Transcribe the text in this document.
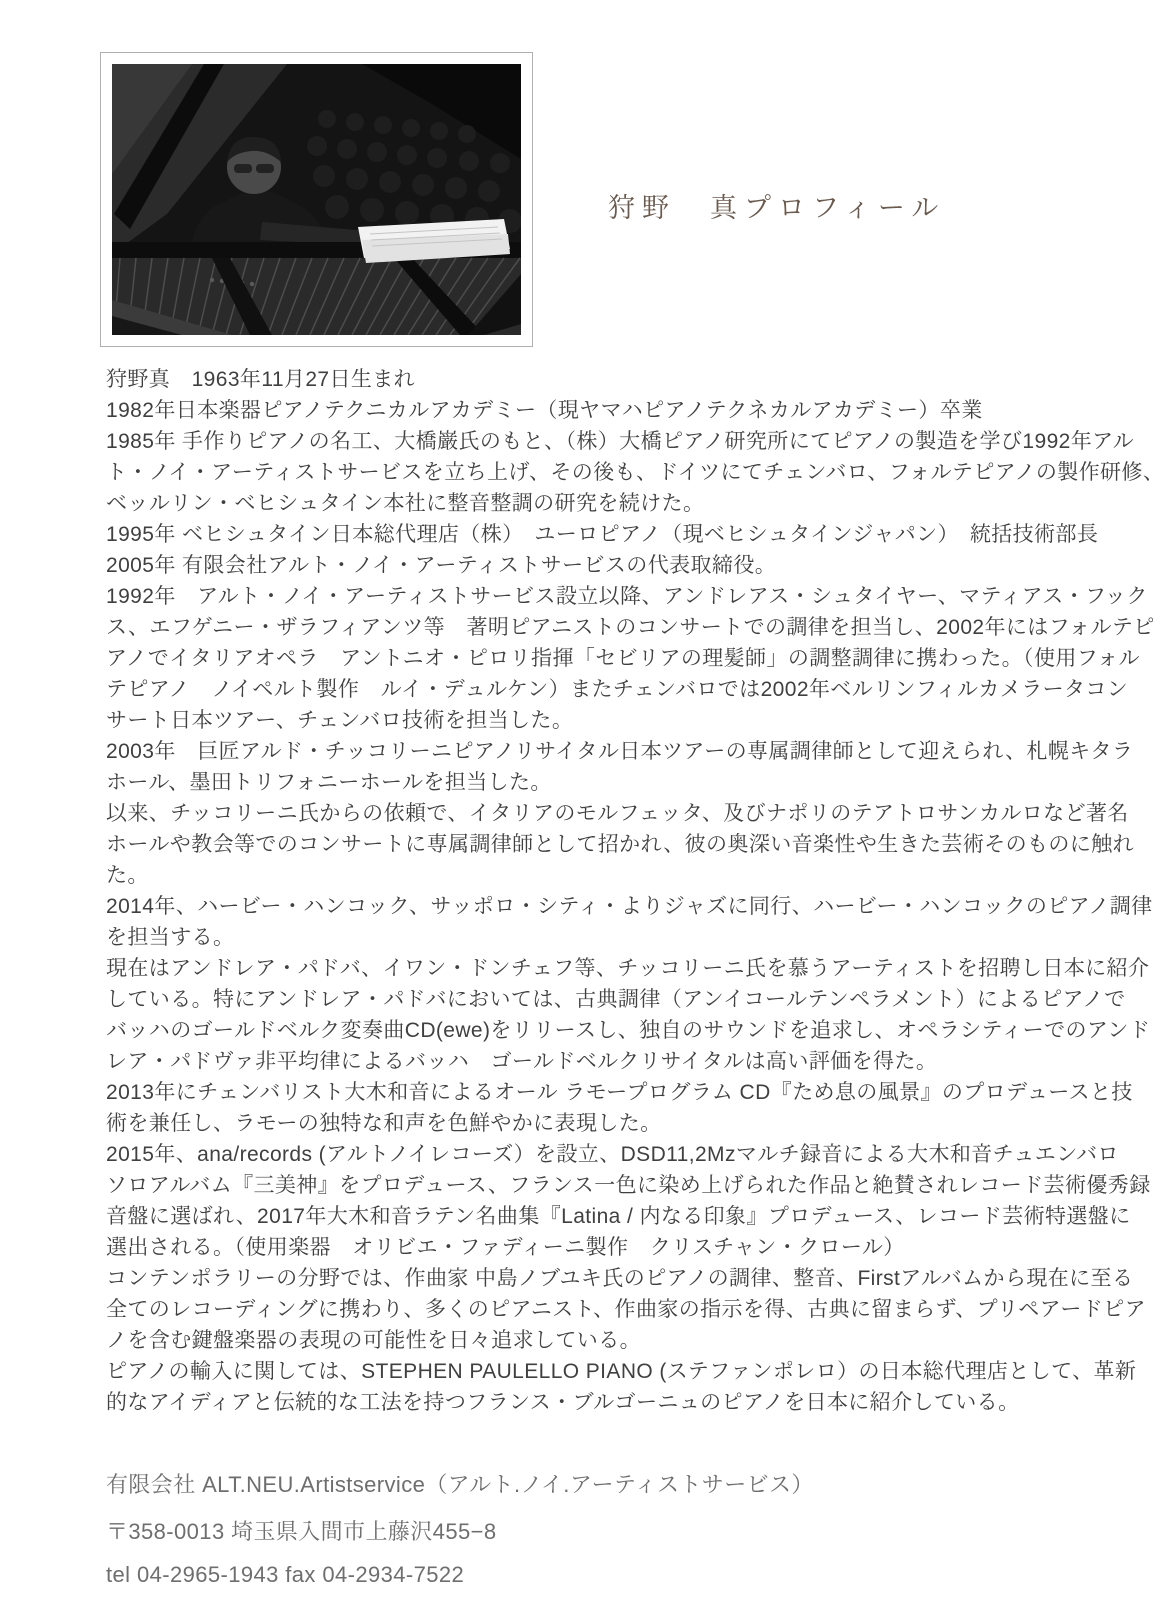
狩野　真プロフィール
狩野真　1963年11月27日生まれ
1982年日本楽器ピアノテクニカルアカデミー（現ヤマハピアノテクネカルアカデミー）卒業
1985年 手作りピアノの名工、大橋巌氏のもと、（株）大橋ピアノ研究所にてピアノの製造を学び1992年アル
ト・ノイ・アーティストサービスを立ち上げ、その後も、ドイツにてチェンバロ、フォルテピアノの製作研修、
ベッルリン・ベヒシュタイン本社に整音整調の研究を続けた。
1995年 ベヒシュタイン日本総代理店（株）　ユーロピアノ（現ベヒシュタインジャパン）　統括技術部長
2005年 有限会社アルト・ノイ・アーティストサービスの代表取締役。
1992年　アルト・ノイ・アーティストサービス設立以降、アンドレアス・シュタイヤー、マティアス・フック
ス、エフゲニー・ザラフィアンツ等　著明ピアニストのコンサートでの調律を担当し、2002年にはフォルテピ
アノでイタリアオペラ　アントニオ・ピロリ指揮「セビリアの理髪師」の調整調律に携わった。（使用フォル
テピアノ　ノイペルト製作　ルイ・デュルケン）またチェンバロでは2002年ベルリンフィルカメラータコン
サート日本ツアー、チェンバロ技術を担当した。
2003年　巨匠アルド・チッコリーニピアノリサイタル日本ツアーの専属調律師として迎えられ、札幌キタラ
ホール、墨田トリフォニーホールを担当した。
以来、チッコリーニ氏からの依頼で、イタリアのモルフェッタ、及びナポリのテアトロサンカルロなど著名
ホールや教会等でのコンサートに専属調律師として招かれ、彼の奥深い音楽性や生きた芸術そのものに触れ
た。
2014年、ハービー・ハンコック、サッポロ・シティ・よりジャズに同行、ハービー・ハンコックのピアノ調律
を担当する。
現在はアンドレア・パドバ、イワン・ドンチェフ等、チッコリーニ氏を慕うアーティストを招聘し日本に紹介
している。特にアンドレア・パドバにおいては、古典調律（アンイコールテンペラメント）によるピアノで
バッハのゴールドベルク変奏曲CD(ewe)をリリースし、独自のサウンドを追求し、オペラシティーでのアンド
レア・パドヴァ非平均律によるバッハ　ゴールドベルクリサイタルは高い評価を得た。
2013年にチェンバリスト大木和音によるオール ラモープログラム CD『ため息の風景』のプロデュースと技
術を兼任し、ラモーの独特な和声を色鮮やかに表現した。
2015年、ana/records (アルトノイレコーズ）を設立、DSD11,2Mzマルチ録音による大木和音チュエンバロ
ソロアルバム『三美神』をプロデュース、フランス一色に染め上げられた作品と絶賛されレコード芸術優秀録
音盤に選ばれ、2017年大木和音ラテン名曲集『Latina / 内なる印象』プロデュース、レコード芸術特選盤に
選出される。（使用楽器　オリビエ・ファディーニ製作　クリスチャン・クロール）
コンテンポラリーの分野では、作曲家 中島ノブユキ氏のピアノの調律、整音、Firstアルバムから現在に至る
全てのレコーディングに携わり、多くのピアニスト、作曲家の指示を得、古典に留まらず、プリペアードピア
ノを含む鍵盤楽器の表現の可能性を日々追求している。
ピアノの輸入に関しては、STEPHEN PAULELLO PIANO (ステファンポレロ）の日本総代理店として、革新
的なアイディアと伝統的な工法を持つフランス・ブルゴーニュのピアノを日本に紹介している。
有限会社 ALT.NEU.Artistservice（アルト.ノイ.アーティストサービス）
〒358-0013 埼玉県入間市上藤沢455−8
tel 04-2965-1943 fax 04-2934-7522
